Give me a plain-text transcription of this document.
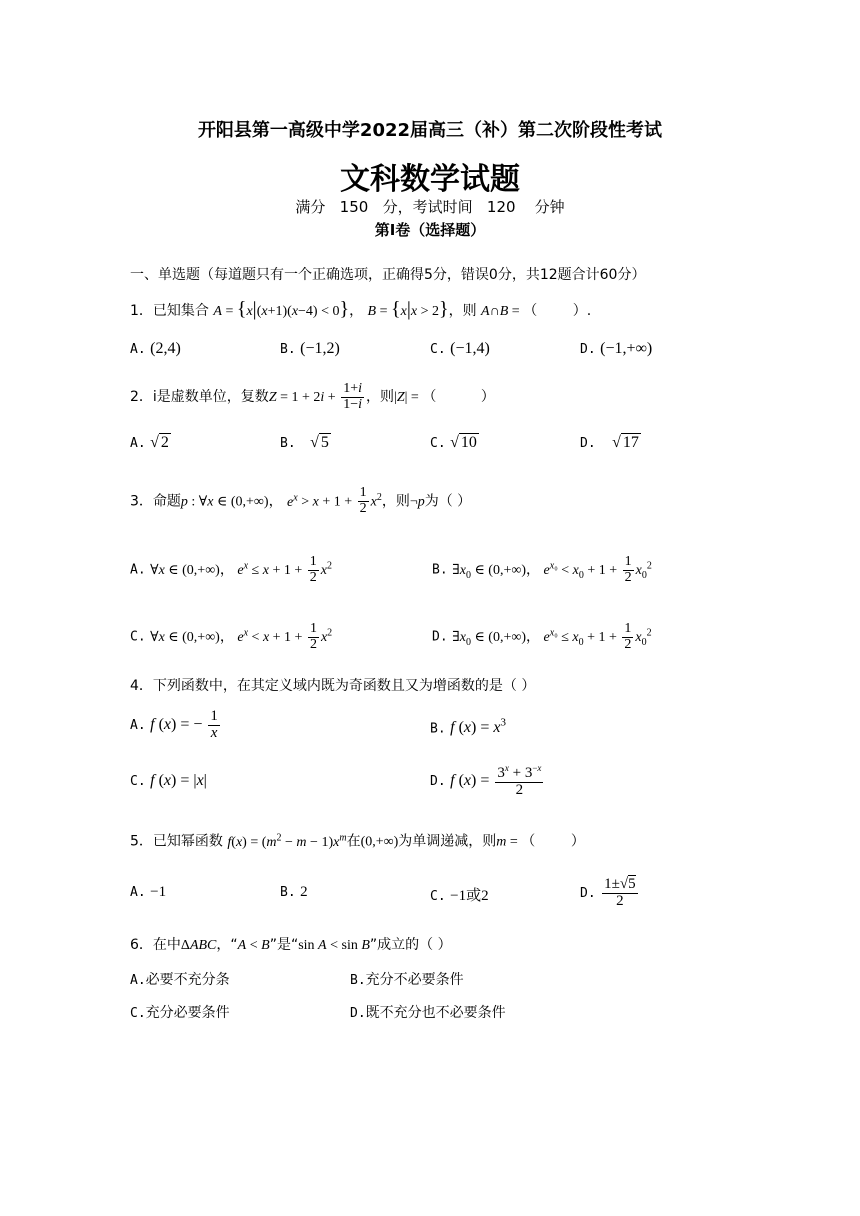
开阳县第一高级中学2022届高三（补）第二次阶段性考试
文科数学试题
满分   150   分，考试时间   120    分钟
第Ⅰ卷（选择题）
一、单选题（每道题只有一个正确选项，正确得5分，错误0分，共12题合计60分）
1．已知集合 A = {x|(x+1)(x−4) < 0}， B = {x|x > 2}，则 A∩B = （        ）.
A. (2,4)	B. (−1,2)	C. (−1,4)	D. (−1,+∞)
2．i是虚数单位，复数$Z = 1 + 2i + \frac{1+i}{1-i}$ ，则|Z| = （          ）
A. √ 2	B. √ 5	C. √ 10	D. √ 17
3．命题p : ∀x ∈ (0,+∞)， $e^x > x + 1 + \frac{1}{2} x^2$，则¬p为（ ）
A. ∀x ∈ (0,+∞)， $e^x \le x + 1 + \frac{1}{2} x^2$	B. $\exists x_0$ ∈ (0,+∞)， $e^{x_0} < x_0 + 1 + \frac{1}{2} x_0^2$
C. ∀x ∈ (0,+∞)， $e^x < x + 1 + \frac{1}{2} x^2$	D. $\exists x_0$ ∈ (0,+∞)， $e^{x_0} \le x_0 + 1 + \frac{1}{2} x_0^2$
4．下列函数中，在其定义域内既为奇函数且又为增函数的是（ ）
A. f (x) = − $\frac{1}{x}$	B. f $(x) = x^3$
C. f (x) = |x|	D. f $(x) = \frac{3^x + 3^{-x}}{2}$
5．已知幂函数 $f(x) = (m^2 - m - 1)x^m$在(0,+∞)为单调递减，则m = （        ）
A. −1	B. 2	C. −1或2	D. $\frac{1\pm√5}{2}$
6．在中ΔABC，“A < B”是“sin A < sin B”成立的（ ）
A.必要不充分条	B.充分不必要条件
C.充分必要条件	D.既不充分也不必要条件
